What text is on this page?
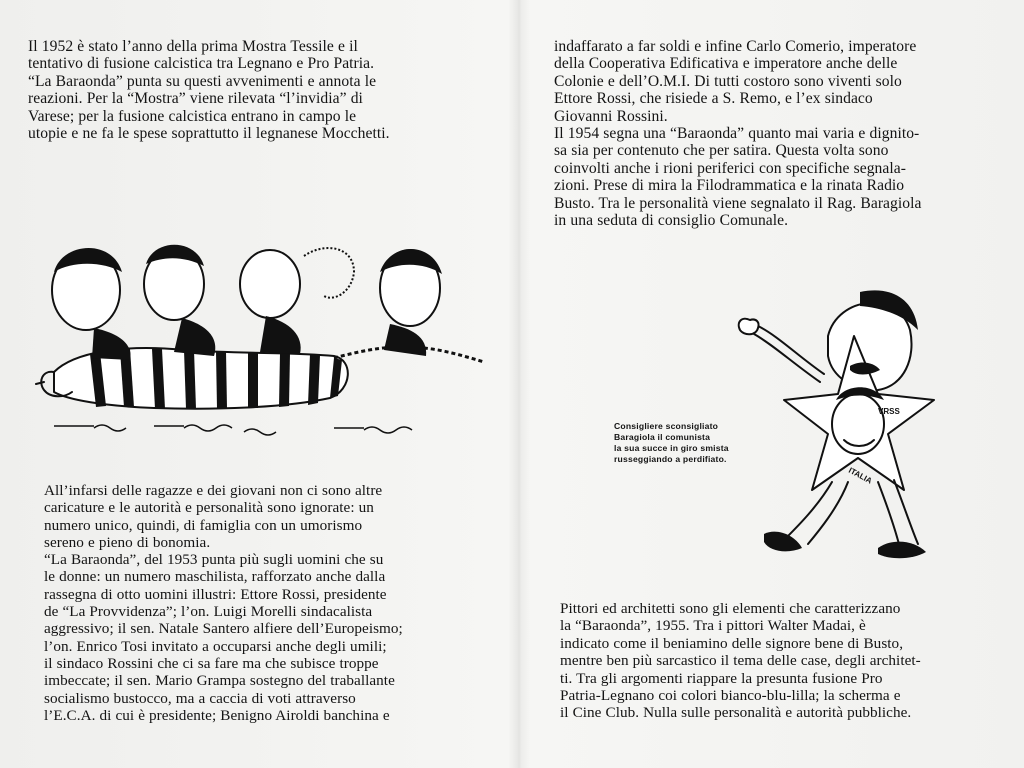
Il 1952 è stato l’anno della prima Mostra Tessile e il

tentativo di fusione calcistica tra Legnano e Pro Patria.

“La Baraonda” punta su questi avvenimenti e annota le

reazioni. Per la “Mostra” viene rilevata “l’invidia” di

Varese; per la fusione calcistica entrano in campo le

utopie e ne fa le spese soprattutto il legnanese Mocchetti.

All’infarsi delle ragazze e dei giovani non ci sono altre

caricature e le autorità e personalità sono ignorate: un

numero unico, quindi, di famiglia con un umorismo

sereno e pieno di bonomia.

“La Baraonda”, del 1953 punta più sugli uomini che su

le donne: un numero maschilista, rafforzato anche dalla

rassegna di otto uomini illustri: Ettore Rossi, presidente

de “La Provvidenza”; l’on. Luigi Morelli sindacalista

aggressivo; il sen. Natale Santero alfiere dell’Europeismo;

l’on. Enrico Tosi invitato a occuparsi anche degli umili;

il sindaco Rossini che ci sa fare ma che subisce troppe

imbeccate; il sen. Mario Grampa sostegno del traballante

socialismo bustocco, ma a caccia di voti attraverso

l’E.C.A. di cui è presidente; Benigno Airoldi banchina e

indaffarato a far soldi e infine Carlo Comerio, imperatore

della Cooperativa Edificativa e imperatore anche delle

Colonie e dell’O.M.I. Di tutti costoro sono viventi solo

Ettore Rossi, che risiede a S. Remo, e l’ex sindaco

Giovanni Rossini.

Il 1954 segna una “Baraonda” quanto mai varia e dignito-

sa sia per contenuto che per satira. Questa volta sono

coinvolti anche i rioni periferici con specifiche segnala-

zioni. Prese di mira la Filodrammatica e la rinata Radio

Busto. Tra le personalità viene segnalato il Rag. Baragiola

in una seduta di consiglio Comunale.

Consigliere sconsigliato
Baragiola il comunista
la sua succe in giro smista
russeggiando a perdifiato.
VRSS
ITALIA

Pittori ed architetti sono gli elementi che caratterizzano

la “Baraonda”, 1955. Tra i pittori Walter Madai, è

indicato come il beniamino delle signore bene di Busto,

mentre ben più sarcastico il tema delle case, degli architet-

ti. Tra gli argomenti riappare la presunta fusione Pro

Patria-Legnano coi colori bianco-blu-lilla; la scherma e

il Cine Club. Nulla sulle personalità e autorità pubbliche.
